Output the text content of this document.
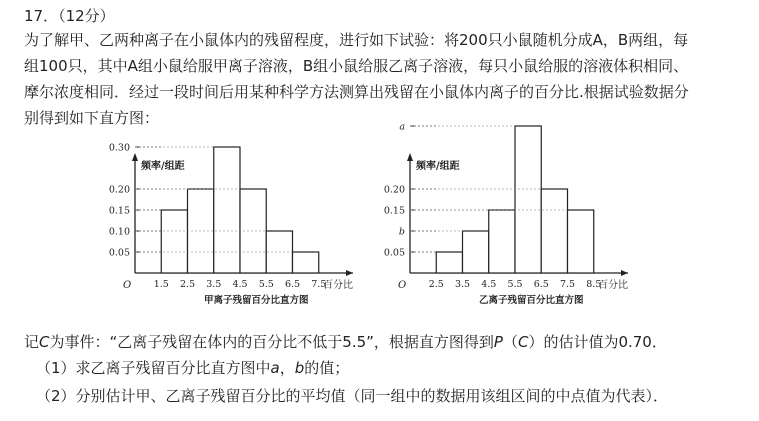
17．（12分）
为了解甲、乙两种离子在小鼠体内的残留程度，进行如下试验：将200只小鼠随机分成A，B两组，每
组100只，其中A组小鼠给服甲离子溶液，B组小鼠给服乙离子溶液，每只小鼠给服的溶液体积相同、
摩尔浓度相同．经过一段时间后用某种科学方法测算出残留在小鼠体内离子的百分比.根据试验数据分
别得到如下直方图：
频率/组距
百分比
O
甲离子残留百分比直方图
0.05
0.10
0.15
0.20
0.30
1.5 2.5 3.5 4.5 5.5 6.5 7.5
频率/组距
百分比
O
乙离子残留百分比直方图
0.05
b
0.15
0.20
a
2.5 3.5 4.5 5.5 6.5 7.5 8.5
记C为事件：“乙离子残留在体内的百分比不低于5.5”，根据直方图得到P（C）的估计值为0.70．
（1）求乙离子残留百分比直方图中a，b的值；
（2）分别估计甲、乙离子残留百分比的平均值（同一组中的数据用该组区间的中点值为代表）．
